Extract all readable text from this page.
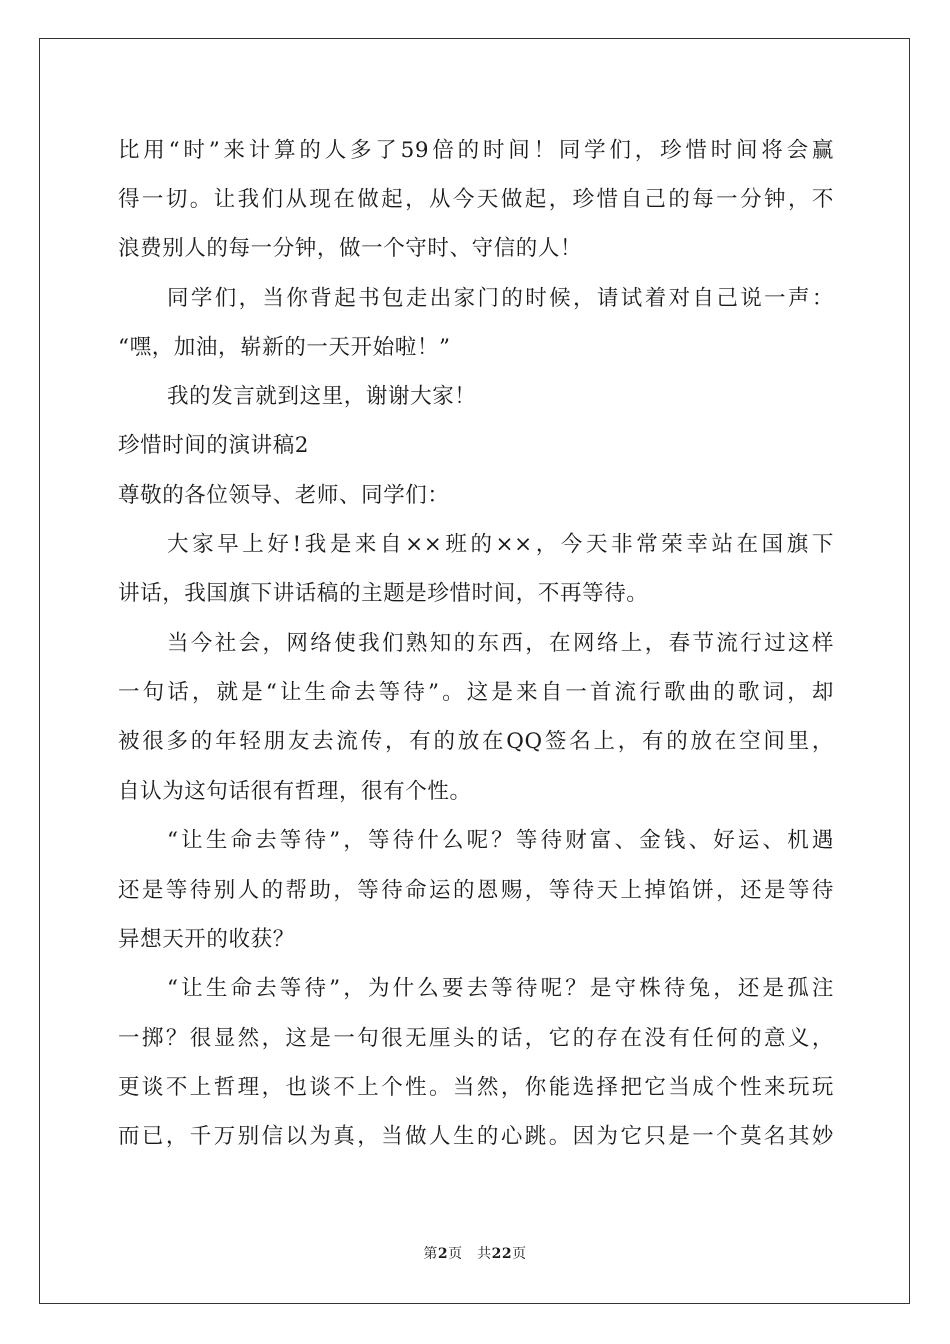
比用“时”来计算的人多了59倍的时间！同学们，珍惜时间将会赢
得一切。让我们从现在做起，从今天做起，珍惜自己的每一分钟，不
浪费别人的每一分钟，做一个守时、守信的人！
同学们，当你背起书包走出家门的时候，请试着对自己说一声：
“嘿，加油，崭新的一天开始啦！”
我的发言就到这里，谢谢大家！
珍惜时间的演讲稿2
尊敬的各位领导、老师、同学们：
大家早上好!我是来自××班的××，今天非常荣幸站在国旗下
讲话，我国旗下讲话稿的主题是珍惜时间，不再等待。
当今社会，网络使我们熟知的东西，在网络上，春节流行过这样
一句话，就是“让生命去等待”。这是来自一首流行歌曲的歌词，却
被很多的年轻朋友去流传，有的放在QQ签名上，有的放在空间里，
自认为这句话很有哲理，很有个性。
“让生命去等待”，等待什么呢？等待财富、金钱、好运、机遇
还是等待别人的帮助，等待命运的恩赐，等待天上掉馅饼，还是等待
异想天开的收获？
“让生命去等待”，为什么要去等待呢？是守株待兔，还是孤注
一掷？很显然，这是一句很无厘头的话，它的存在没有任何的意义，
更谈不上哲理，也谈不上个性。当然，你能选择把它当成个性来玩玩
而已，千万别信以为真，当做人生的心跳。因为它只是一个莫名其妙
第2页　共22页
